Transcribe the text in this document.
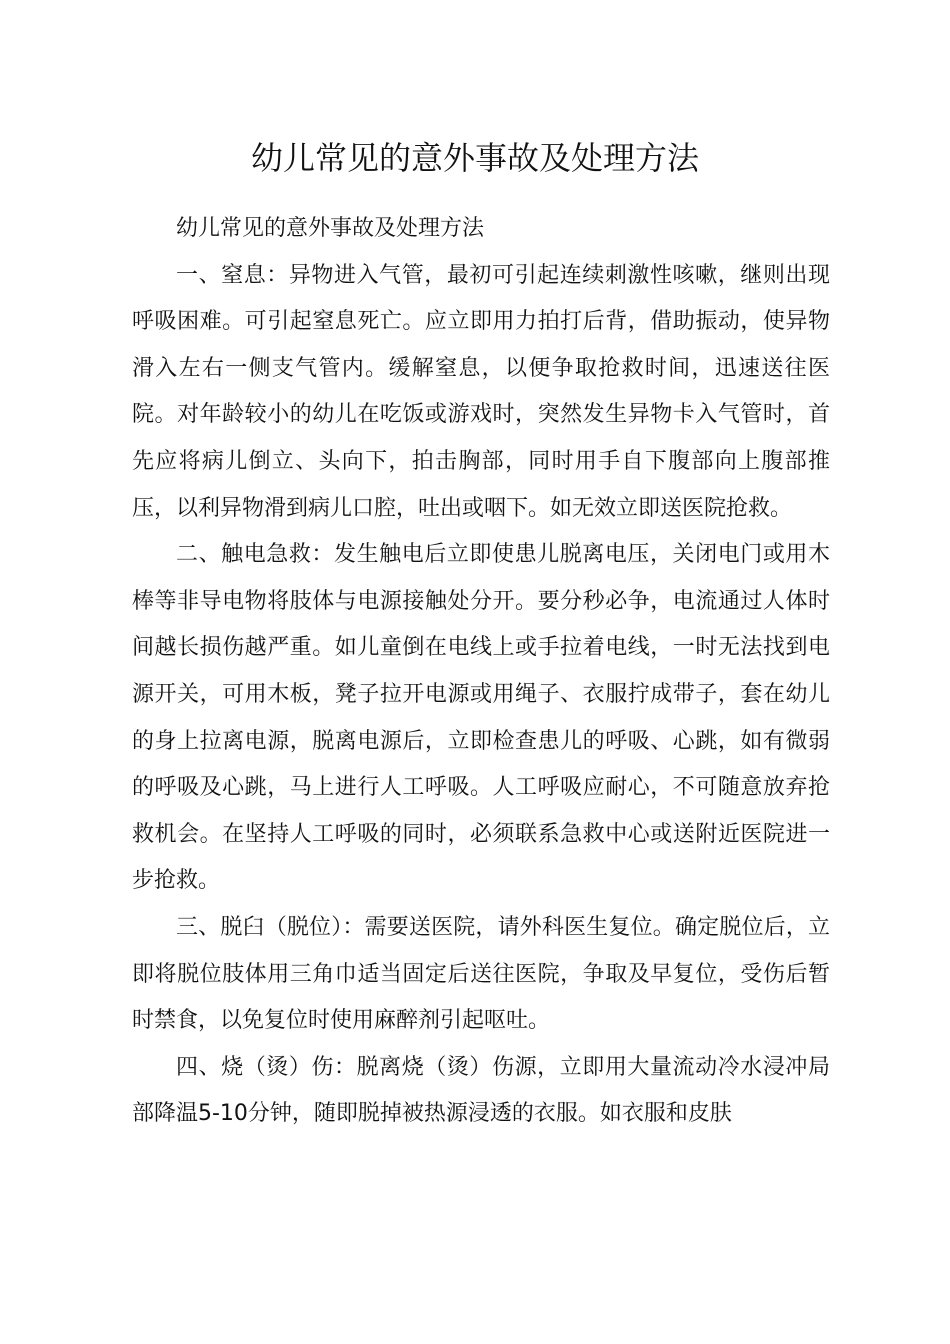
幼儿常见的意外事故及处理方法

幼儿常见的意外事故及处理方法

一、窒息：异物进入气管，最初可引起连续刺激性咳嗽，继则出现呼吸困难。可引起窒息死亡。应立即用力拍打后背，借助振动，使异物滑入左右一侧支气管内。缓解窒息，以便争取抢救时间，迅速送往医院。对年龄较小的幼儿在吃饭或游戏时，突然发生异物卡入气管时，首先应将病儿倒立、头向下，拍击胸部，同时用手自下腹部向上腹部推压，以利异物滑到病儿口腔，吐出或咽下。如无效立即送医院抢救。

二、触电急救：发生触电后立即使患儿脱离电压，关闭电门或用木棒等非导电物将肢体与电源接触处分开。要分秒必争，电流通过人体时间越长损伤越严重。如儿童倒在电线上或手拉着电线，一时无法找到电源开关，可用木板，凳子拉开电源或用绳子、衣服拧成带子，套在幼儿的身上拉离电源，脱离电源后，立即检查患儿的呼吸、心跳，如有微弱的呼吸及心跳，马上进行人工呼吸。人工呼吸应耐心，不可随意放弃抢救机会。在坚持人工呼吸的同时，必须联系急救中心或送附近医院进一步抢救。

三、脱臼（脱位）：需要送医院，请外科医生复位。确定脱位后，立即将脱位肢体用三角巾适当固定后送往医院，争取及早复位，受伤后暂时禁食，以免复位时使用麻醉剂引起呕吐。

四、烧（烫）伤：脱离烧（烫）伤源，立即用大量流动冷水浸冲局部降温5-10分钟，随即脱掉被热源浸透的衣服。如衣服和皮肤
